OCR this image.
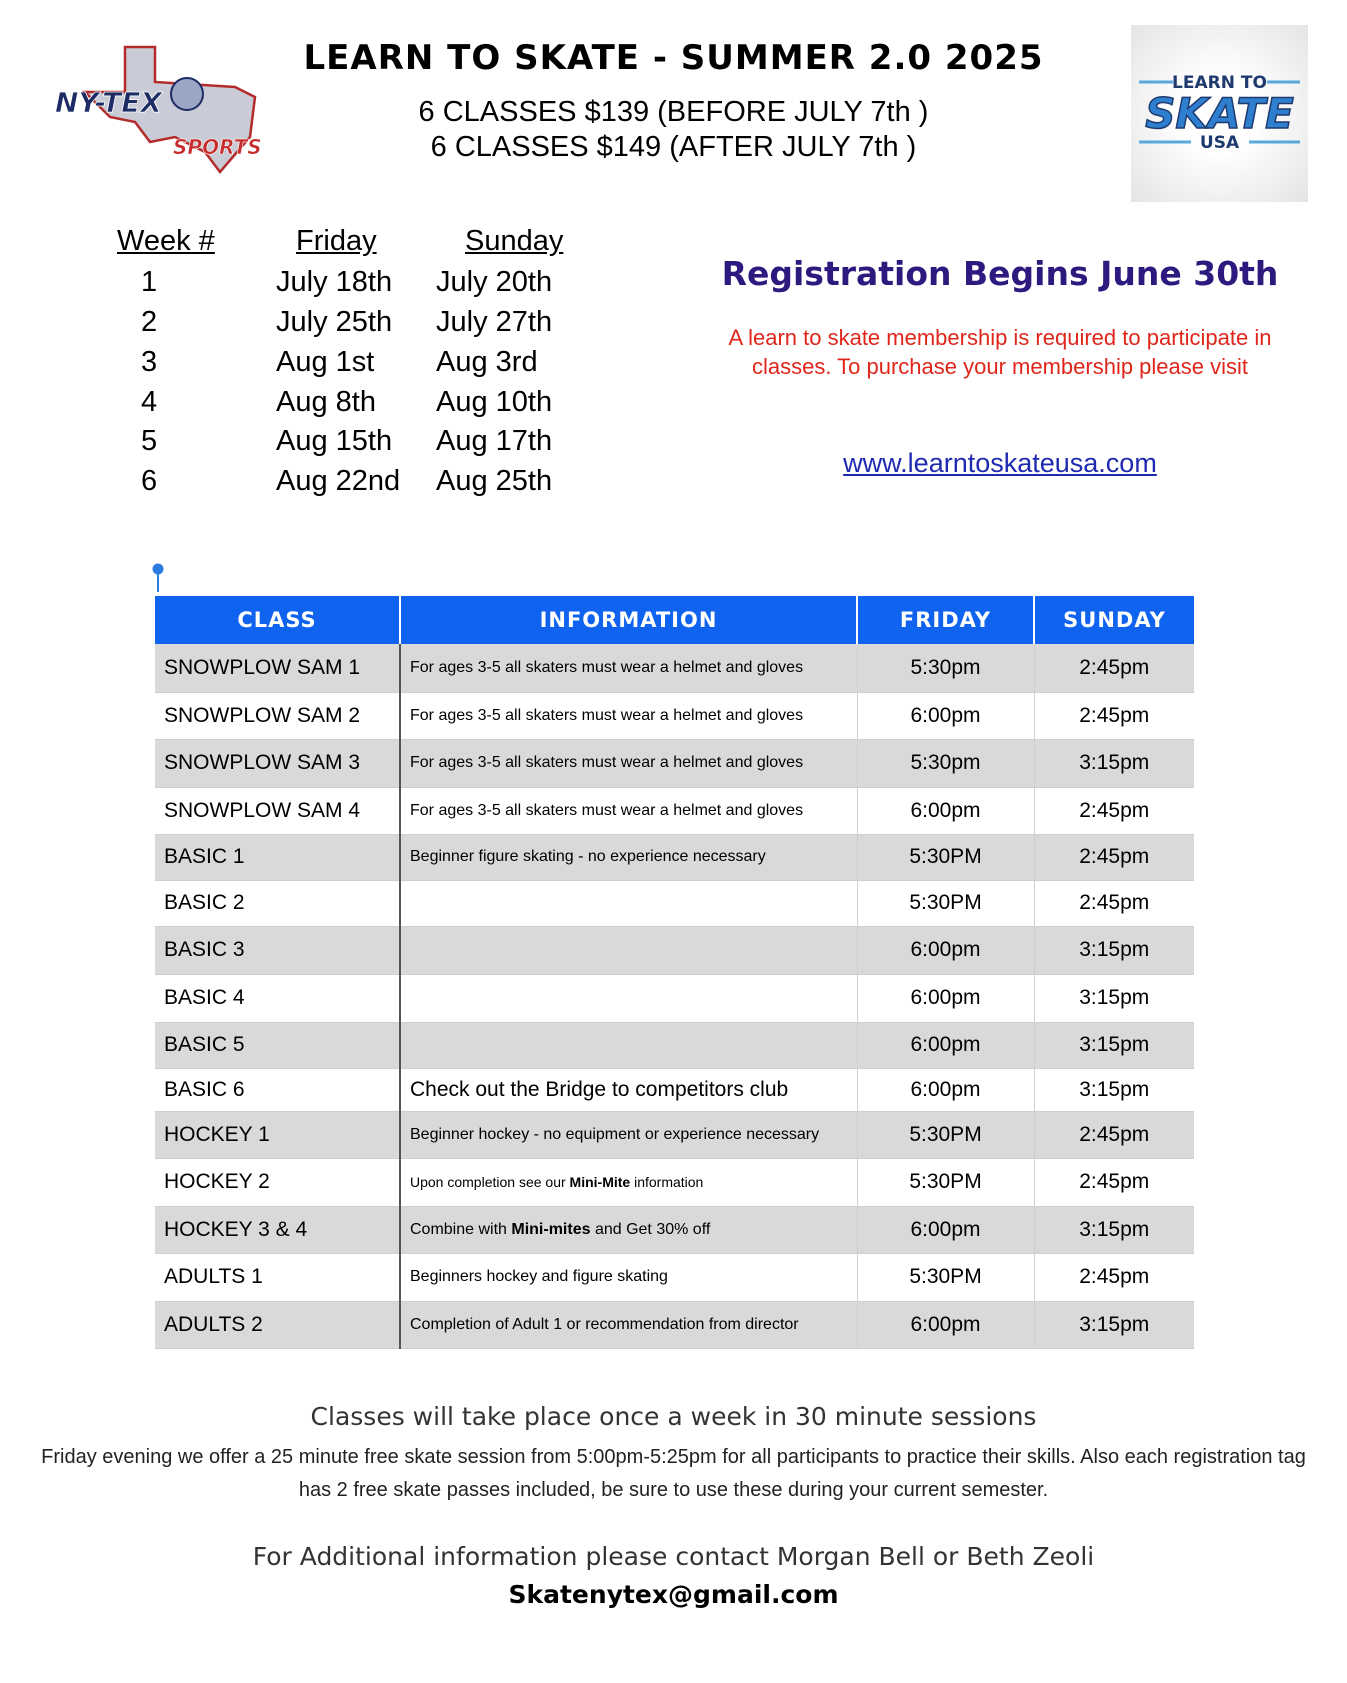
NY-TEX
SPORTS
LEARN TO SKATE - SUMMER 2.0 2025
6 CLASSES $139 (BEFORE JULY 7th )
6 CLASSES $149 (AFTER JULY 7th )
LEARN TO
SKATE
USA
Week #	Friday	Sunday
1	July 18th July 20th
2	July 25th July 27th
3	Aug 1st Aug 3rd
4	Aug 8th Aug 10th
5	Aug 15th Aug 17th
6	Aug 22nd Aug 25th
Registration Begins June 30th
A learn to skate membership is required to participate in classes. To purchase your membership please visit
www.learntoskateusa.com
CLASS	INFORMATION	FRIDAY	SUNDAY
SNOWPLOW SAM 1	For ages 3-5 all skaters must wear a helmet and gloves	5:30pm	2:45pm
SNOWPLOW SAM 2	For ages 3-5 all skaters must wear a helmet and gloves	6:00pm	2:45pm
SNOWPLOW SAM 3	For ages 3-5 all skaters must wear a helmet and gloves	5:30pm	3:15pm
SNOWPLOW SAM 4	For ages 3-5 all skaters must wear a helmet and gloves	6:00pm	2:45pm
BASIC 1	Beginner figure skating - no experience necessary	5:30PM	2:45pm
BASIC 2		5:30PM	2:45pm
BASIC 3		6:00pm	3:15pm
BASIC 4		6:00pm	3:15pm
BASIC 5		6:00pm	3:15pm
BASIC 6	Check out the Bridge to competitors club	6:00pm	3:15pm
HOCKEY 1	Beginner hockey - no equipment or experience necessary	5:30PM	2:45pm
HOCKEY 2	Upon completion see our Mini-Mite information	5:30PM	2:45pm
HOCKEY 3 & 4	Combine with Mini-mites and Get 30% off	6:00pm	3:15pm
ADULTS 1	Beginners hockey and figure skating	5:30PM	2:45pm
ADULTS 2	Completion of Adult 1 or recommendation from director	6:00pm	3:15pm
Classes will take place once a week in 30 minute sessions
Friday evening we offer a 25 minute free skate session from 5:00pm-5:25pm for all participants to practice their skills. Also each registration tag has 2 free skate passes included, be sure to use these during your current semester.
For Additional information please contact Morgan Bell or Beth Zeoli
Skatenytex@gmail.com
